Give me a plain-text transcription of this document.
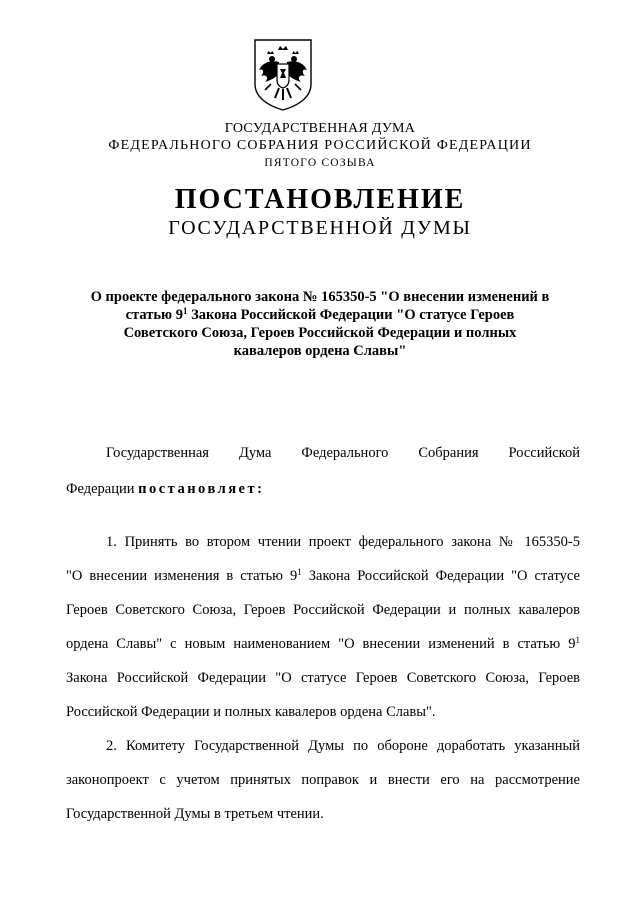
ГОСУДАРСТВЕННАЯ ДУМА
ФЕДЕРАЛЬНОГО СОБРАНИЯ РОССИЙСКОЙ ФЕДЕРАЦИИ
ПЯТОГО СОЗЫВА
ПОСТАНОВЛЕНИЕ
ГОСУДАРСТВЕННОЙ ДУМЫ
О проекте федерального закона № 165350-5 "О внесении изменений в
статью $9^1$ Закона Российской Федерации "О статусе Героев
Советского Союза, Героев Российской Федерации и полных
кавалеров ордена Славы"
Государственная Дума Федерального Собрания Российской
Федерации постановляет:
1. Принять во втором чтении проект федерального закона № 165350-5
"О внесении изменения в статью $9^1$ Закона Российской Федерации "О статусе
Героев Советского Союза, Героев Российской Федерации и полных кавалеров
ордена Славы" с новым наименованием "О внесении изменений в статью $9^1$
Закона Российской Федерации "О статусе Героев Советского Союза, Героев
Российской Федерации и полных кавалеров ордена Славы".
2. Комитету Государственной Думы по обороне доработать указанный
законопроект с учетом принятых поправок и внести его на рассмотрение
Государственной Думы в третьем чтении.
